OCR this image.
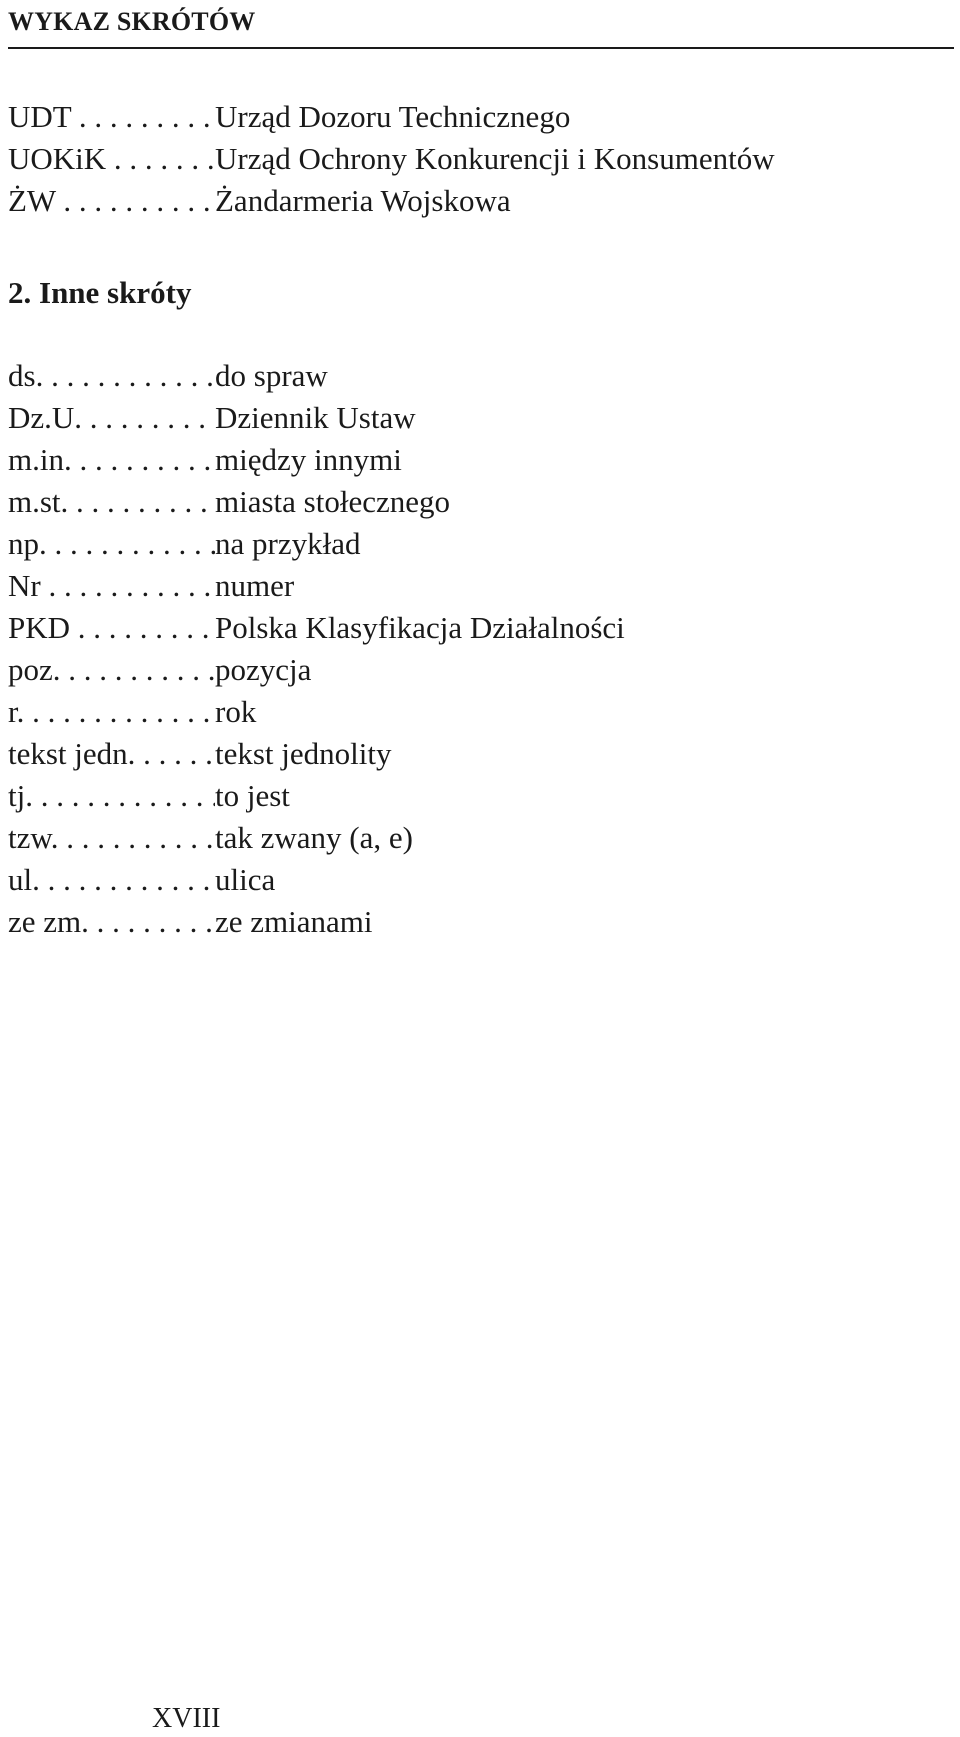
WYKAZ SKRÓTÓW
UDT . . .	Urząd Dozoru Technicznego
UOKiK . . .	Urząd Ochrony Konkurencji i Konsumentów
ŻW . . .	Żandarmeria Wojskowa
2. Inne skróty
ds. . . .	do spraw
Dz.U. . . .	Dziennik Ustaw
m.in. . . .	między innymi
m.st. . . .	miasta stołecznego
np. . . .	na przykład
Nr . . .	numer
PKD . . .	Polska Klasyfikacja Działalności
poz. . . .	pozycja
r. . . .	rok
tekst jedn. . . .	tekst jednolity
tj. . . .	to jest
tzw. . . .	tak zwany (a, e)
ul. . . .	ulica
ze zm. . . .	ze zmianami
XVIII
